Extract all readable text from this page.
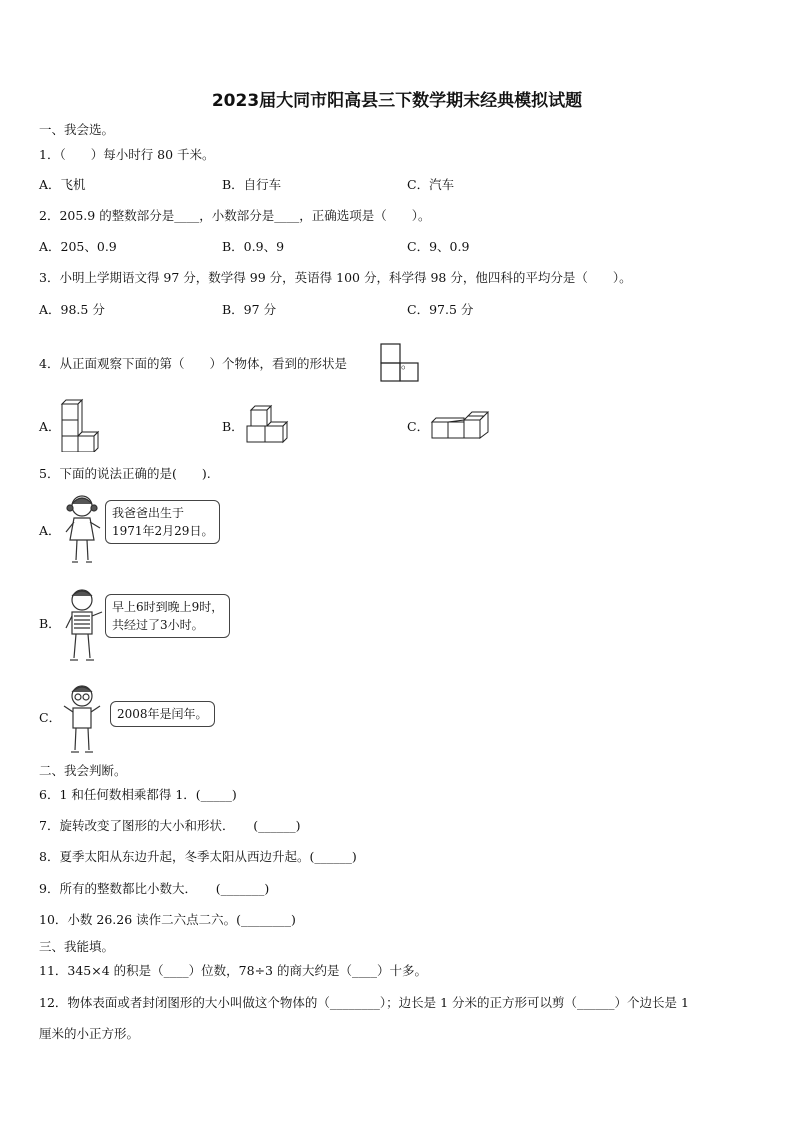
2023届大同市阳高县三下数学期末经典模拟试题
一、我会选。
1．（　　）每小时行 80 千米。
A．飞机	B．自行车	C．汽车
2．205.9 的整数部分是____，小数部分是____，正确选项是（　　）。
A．205、0.9	B．0.9、9	C．9、0.9
3．小明上学期语文得 97 分，数学得 99 分，英语得 100 分，科学得 98 分，他四科的平均分是（　　）。
A．98.5 分	B．97 分	C．97.5 分
4．从正面观察下面的第（　　）个物体，看到的形状是	。
A．	B．	C．
5．下面的说法正确的是(　　).
A．
我爸爸出生于
1971年2月29日。
B．
早上6时到晚上9时，
共经过了3小时。
C．	2008年是闰年。
二、我会判断。
6．1 和任何数相乘都得 1．(_____)
7．旋转改变了图形的大小和形状．　　(______)
8．夏季太阳从东边升起，冬季太阳从西边升起。(______)
9．所有的整数都比小数大．　　(_______)
10．小数 26.26 读作二六点二六。(________)
三、我能填。
11．345×4 的积是（____）位数，78÷3 的商大约是（____）十多。
12．物体表面或者封闭图形的大小叫做这个物体的（________）；边长是 1 分米的正方形可以剪（______）个边长是 1
厘米的小正方形。
